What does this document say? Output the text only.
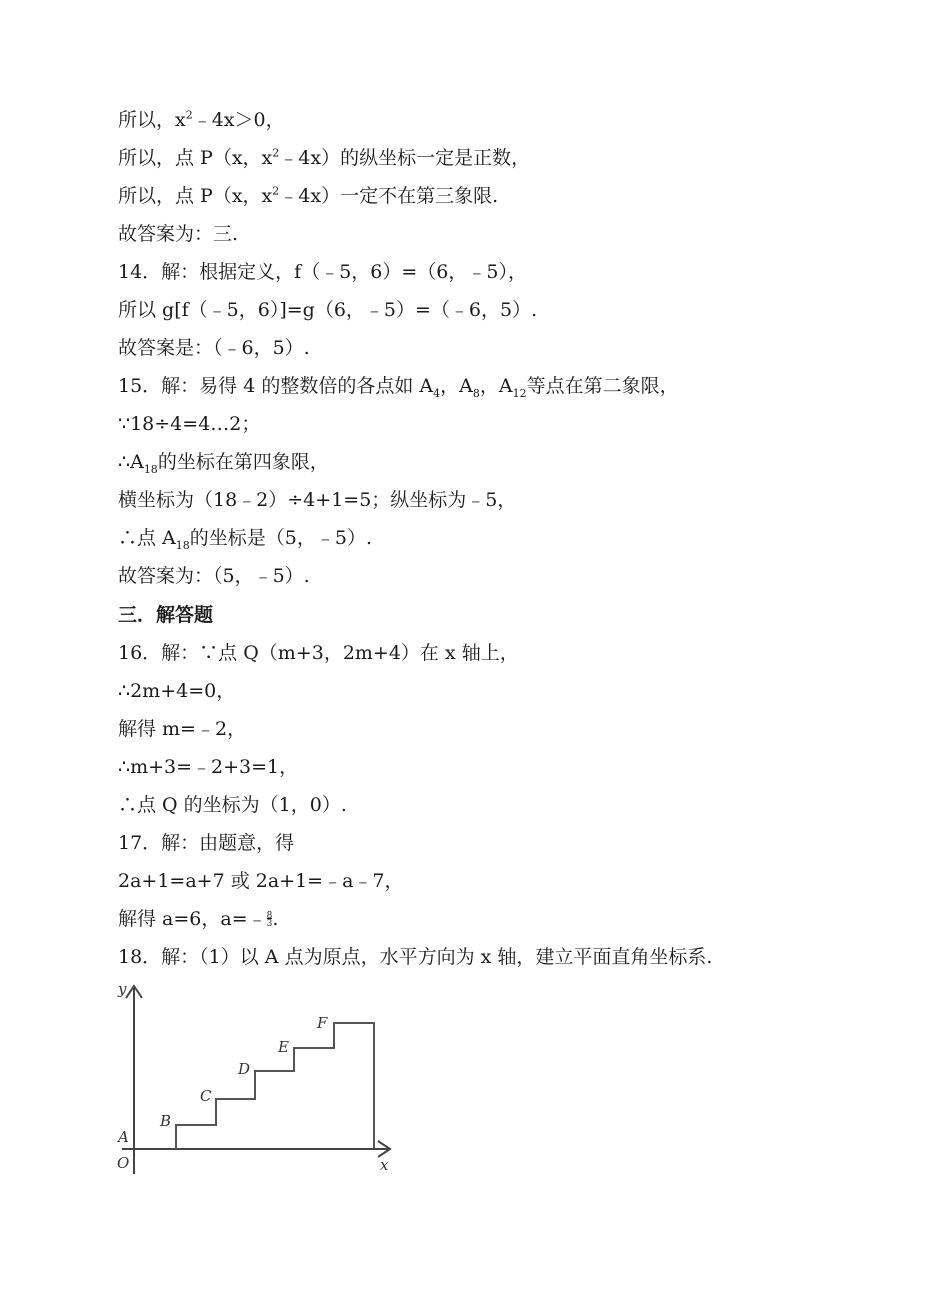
所以，$x^2﹣4x>0$，
所以，点 P（x，$x^2﹣4x$）的纵坐标一定是正数，
所以，点 P（x，$x^2﹣4x$）一定不在第三象限.
故答案为：三.
14．解：根据定义，f（﹣5，6）=（6，﹣5），
所以 g[f（﹣5，6）]=g（6，﹣5）=（﹣6，5）.
故答案是：（﹣6，5）.
15．解：易得 4 的整数倍的各点如 $A_4$，$A_8$，$A_{12}$等点在第二象限，
∵18÷4=4…2；
$\therefore A_{18}$的坐标在第四象限，
横坐标为（18﹣2）÷4+1=5；纵坐标为﹣5，
∴点 $A_{18}$的坐标是（5，﹣5）.
故答案为：（5，﹣5）.
三．解答题
16．解：∵点 Q（m+3，2m+4）在 x 轴上，
∴2m+4=0，
解得 m=﹣2，
∴m+3=﹣2+3=1，
∴点 Q 的坐标为（1，0）.
17．解：由题意，得
2a+1=a+7 或 2a+1=﹣a﹣7，
解得 a=6，a=﹣8
3.
18．解：（1）以 A 点为原点，水平方向为 x 轴，建立平面直角坐标系.
y
x
O
A
B
C
D
E
F
